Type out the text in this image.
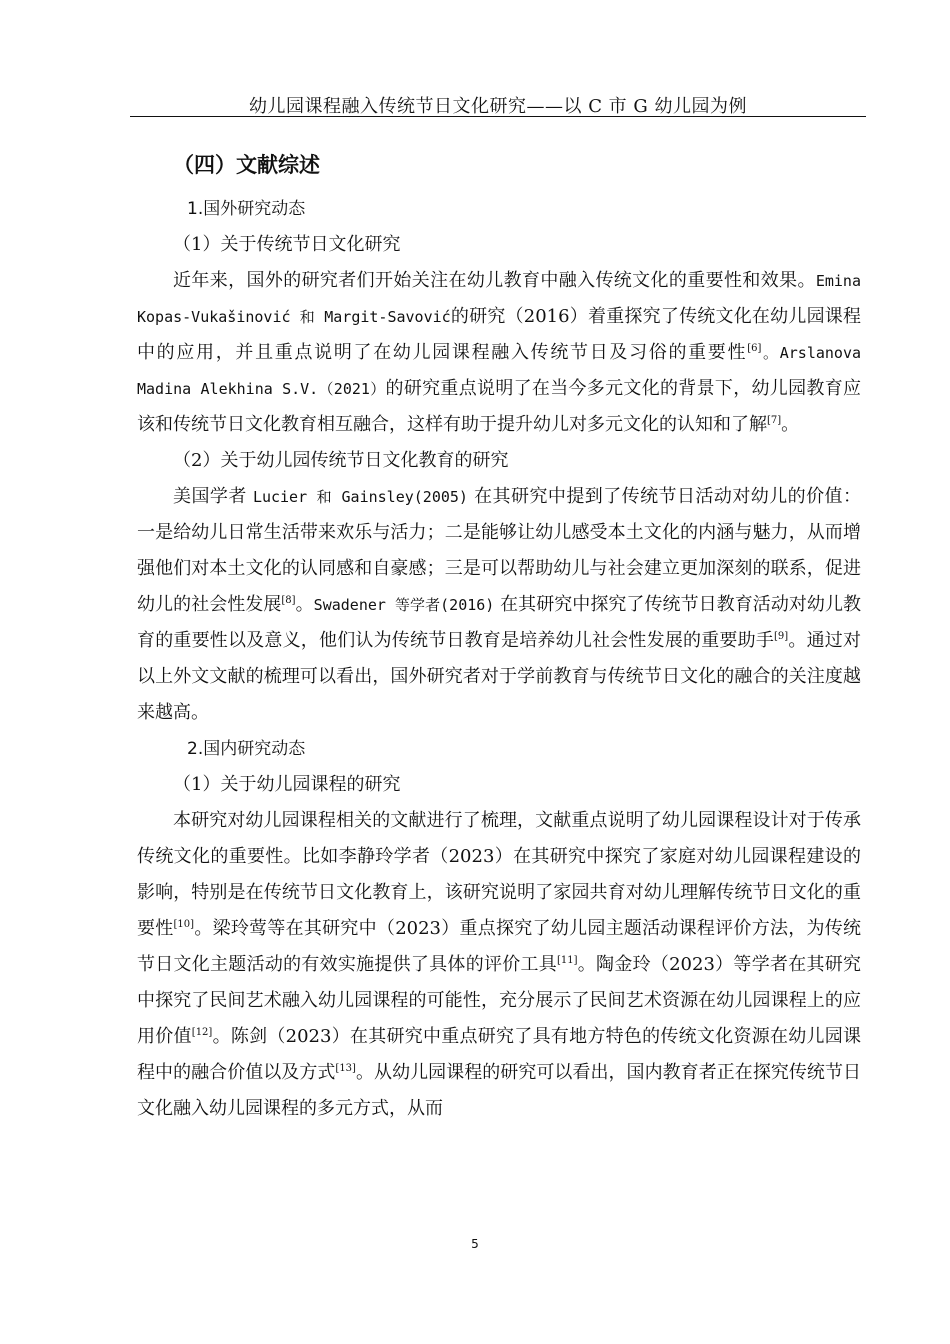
幼儿园课程融入传统节日文化研究——以 C 市 G 幼儿园为例
（四）文献综述
1.国外研究动态
（1）关于传统节日文化研究

近年来，国外的研究者们开始关注在幼儿教育中融入传统文化的重要性和效果。Emina Kopas-Vukašinović 和 Margit-Savović的研究（2016）着重探究了传统文化在幼儿园课程中的应用，并且重点说明了在幼儿园课程融入传统节日及习俗的重要性[6]。Arslanova Madina Alekhina S.V.（2021）的研究重点说明了在当今多元文化的背景下，幼儿园教育应该和传统节日文化教育相互融合，这样有助于提升幼儿对多元文化的认知和了解[7]。

（2）关于幼儿园传统节日文化教育的研究

美国学者 Lucier 和 Gainsley(2005) 在其研究中提到了传统节日活动对幼儿的价值：一是给幼儿日常生活带来欢乐与活力；二是能够让幼儿感受本土文化的内涵与魅力，从而增强他们对本土文化的认同感和自豪感；三是可以帮助幼儿与社会建立更加深刻的联系，促进幼儿的社会性发展[8]。Swadener 等学者(2016) 在其研究中探究了传统节日教育活动对幼儿教育的重要性以及意义，他们认为传统节日教育是培养幼儿社会性发展的重要助手[9]。通过对以上外文文献的梳理可以看出，国外研究者对于学前教育与传统节日文化的融合的关注度越来越高。

2.国内研究动态
（1）关于幼儿园课程的研究

本研究对幼儿园课程相关的文献进行了梳理，文献重点说明了幼儿园课程设计对于传承传统文化的重要性。比如李静玲学者（2023）在其研究中探究了家庭对幼儿园课程建设的影响，特别是在传统节日文化教育上，该研究说明了家园共育对幼儿理解传统节日文化的重要性[10]。梁玲莺等在其研究中（2023）重点探究了幼儿园主题活动课程评价方法，为传统节日文化主题活动的有效实施提供了具体的评价工具[11]。陶金玲（2023）等学者在其研究中探究了民间艺术融入幼儿园课程的可能性，充分展示了民间艺术资源在幼儿园课程上的应用价值[12]。陈剑（2023）在其研究中重点研究了具有地方特色的传统文化资源在幼儿园课程中的融合价值以及方式[13]。从幼儿园课程的研究可以看出，国内教育者正在探究传统节日文化融入幼儿园课程的多元方式，从而

5
